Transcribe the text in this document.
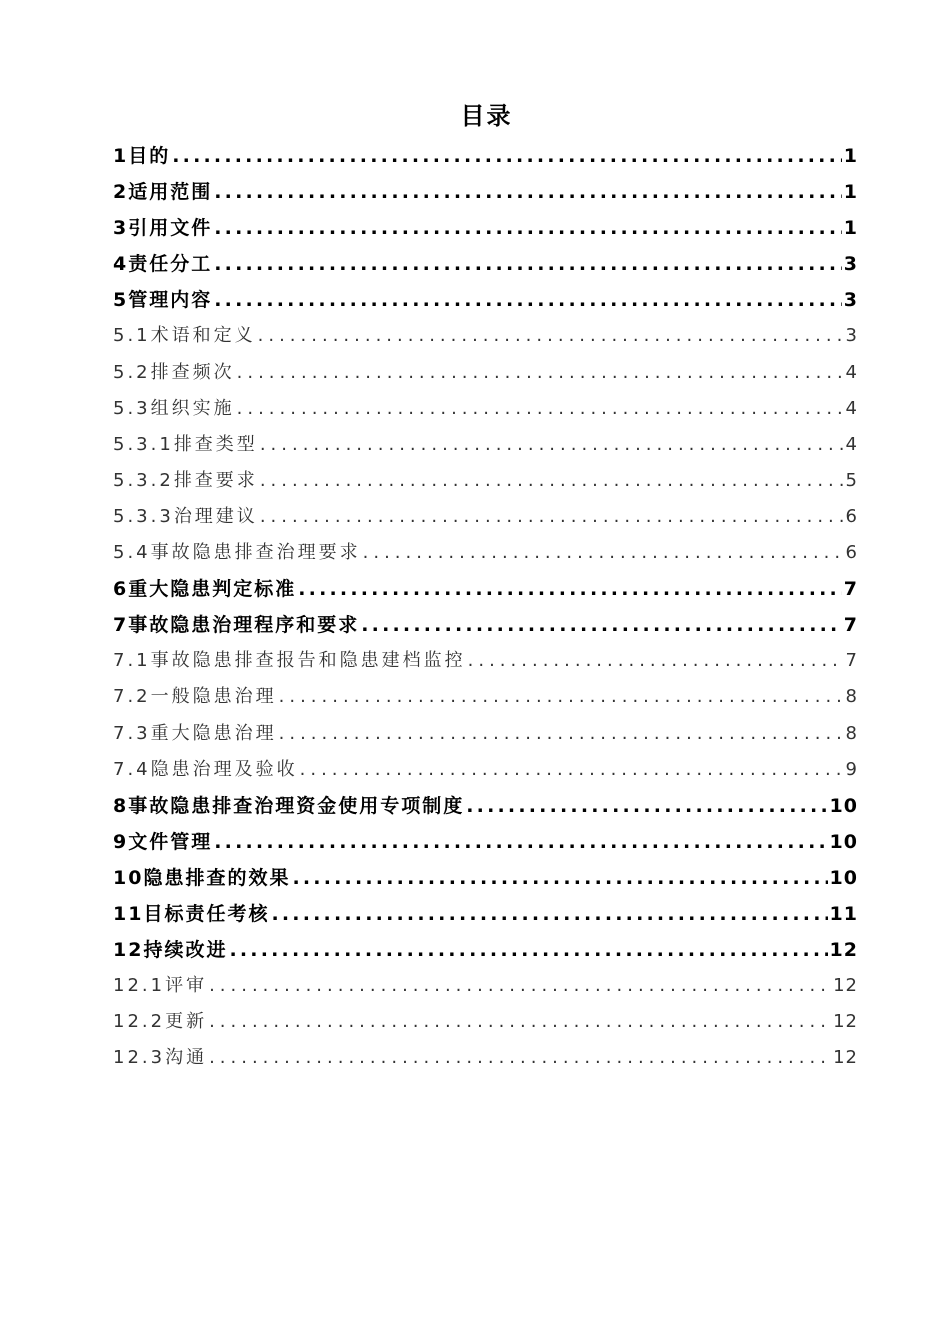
目录
1 目的 .....	1
2 适用范围 .....	1
3 引用文件 .....	1
4 责任分工 .....	3
5 管理内容 .....	3
5.1 术语和定义 .....	3
5.2 排查频次 .....	4
5.3 组织实施 .....	4
5.3.1 排查类型 .....	4
5.3.2 排查要求 .....	5
5.3.3 治理建议 .....	6
5.4 事故隐患排查治理要求 .....	6
6 重大隐患判定标准 .....	7
7 事故隐患治理程序和要求 .....	7
7.1 事故隐患排查报告和隐患建档监控 .....	7
7.2 一般隐患治理 .....	8
7.3 重大隐患治理 .....	8
7.4 隐患治理及验收 .....	9
8 事故隐患排查治理资金使用专项制度 .....	10
9 文件管理 .....	10
10 隐患排查的效果 .....	10
11 目标责任考核 .....	11
12 持续改进 .....	12
12.1 评审 .....	12
12.2 更新 .....	12
12.3 沟通 .....	12
